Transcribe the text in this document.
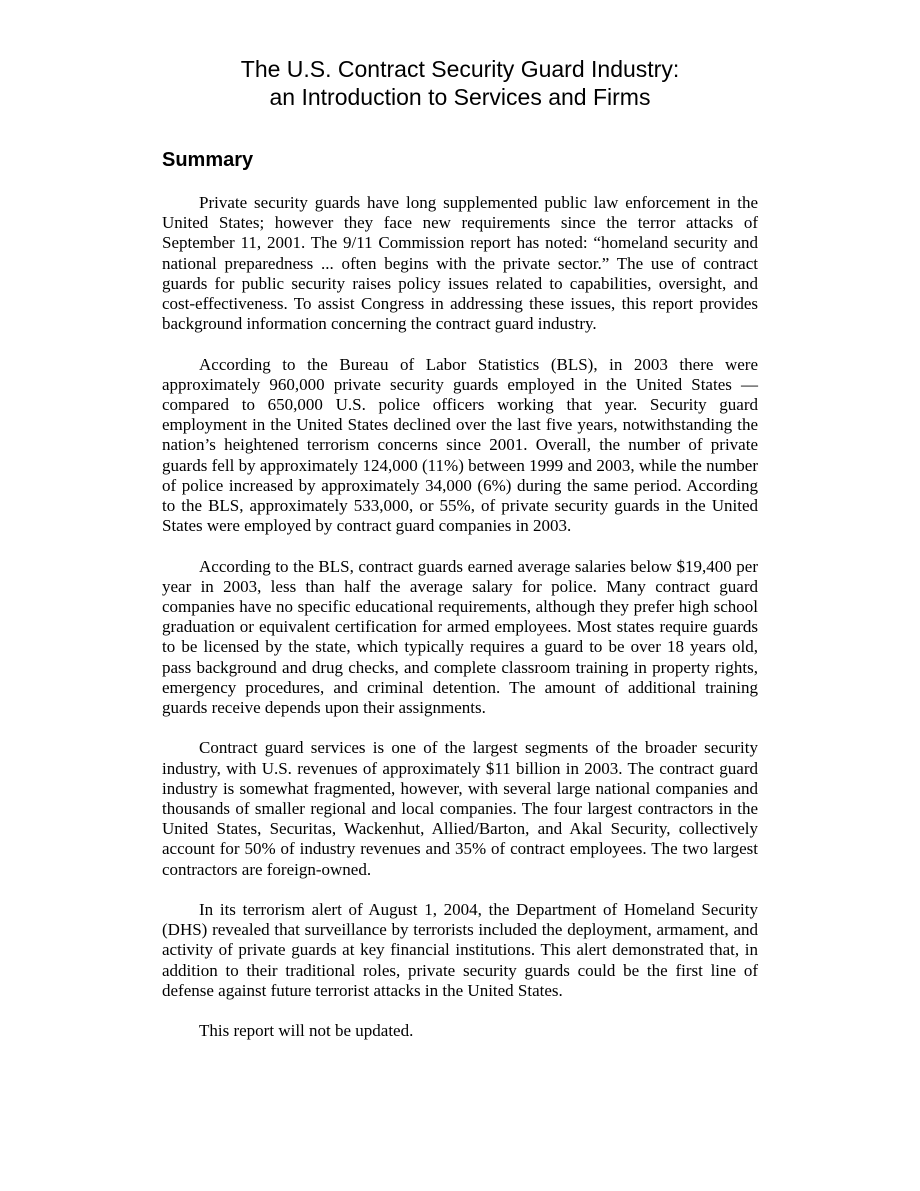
The U.S. Contract Security Guard Industry:
an Introduction to Services and Firms
Summary

Private security guards have long supplemented public law enforcement in the United States; however they face new requirements since the terror attacks of September 11, 2001. The 9/11 Commission report has noted: “homeland security and national preparedness ... often begins with the private sector.” The use of contract guards for public security raises policy issues related to capabilities, oversight, and cost-effectiveness. To assist Congress in addressing these issues, this report provides background information concerning the contract guard industry.

According to the Bureau of Labor Statistics (BLS), in 2003 there were approximately 960,000 private security guards employed in the United States — compared to 650,000 U.S. police officers working that year. Security guard employment in the United States declined over the last five years, notwithstanding the nation’s heightened terrorism concerns since 2001. Overall, the number of private guards fell by approximately 124,000 (11%) between 1999 and 2003, while the number of police increased by approximately 34,000 (6%) during the same period. According to the BLS, approximately 533,000, or 55%, of private security guards in the United States were employed by contract guard companies in 2003.

According to the BLS, contract guards earned average salaries below $19,400 per year in 2003, less than half the average salary for police. Many contract guard companies have no specific educational requirements, although they prefer high school graduation or equivalent certification for armed employees. Most states require guards to be licensed by the state, which typically requires a guard to be over 18 years old, pass background and drug checks, and complete classroom training in property rights, emergency procedures, and criminal detention. The amount of additional training guards receive depends upon their assignments.

Contract guard services is one of the largest segments of the broader security industry, with U.S. revenues of approximately $11 billion in 2003. The contract guard industry is somewhat fragmented, however, with several large national companies and thousands of smaller regional and local companies. The four largest contractors in the United States, Securitas, Wackenhut, Allied/Barton, and Akal Security, collectively account for 50% of industry revenues and 35% of contract employees. The two largest contractors are foreign-owned.

In its terrorism alert of August 1, 2004, the Department of Homeland Security (DHS) revealed that surveillance by terrorists included the deployment, armament, and activity of private guards at key financial institutions. This alert demonstrated that, in addition to their traditional roles, private security guards could be the first line of defense against future terrorist attacks in the United States.

This report will not be updated.
